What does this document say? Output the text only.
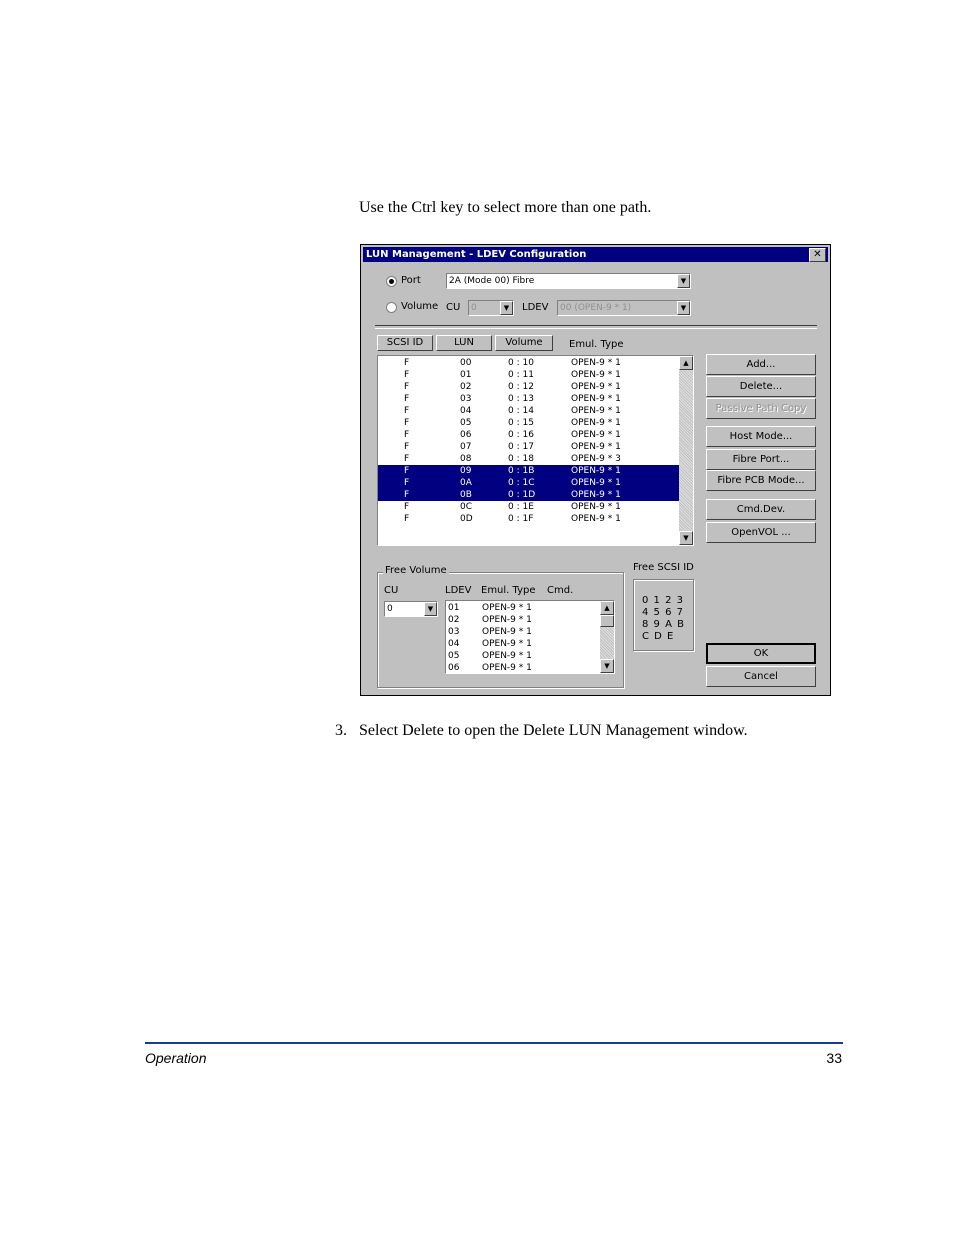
Use the Ctrl key to select more than one path.
LUN Management - LDEV Configuration	✕
Port	2A (Mode 00) Fibre	▼
Volume CU	0	▼	LDEV	00 (OPEN-9 * 1)	▼
SCSI ID	LUN	Volume	Emul. Type
F	0D	0 : 1F	OPEN-9 * 1
F	0C	0 : 1E	OPEN-9 * 1
F	0B	0 : 1D	OPEN-9 * 1
F	0A	0 : 1C	OPEN-9 * 1
F	09	0 : 1B	OPEN-9 * 1
F	08	0 : 18	OPEN-9 * 3
F	07	0 : 17	OPEN-9 * 1
F	06	0 : 16	OPEN-9 * 1
F	05	0 : 15	OPEN-9 * 1
F	04	0 : 14	OPEN-9 * 1
F	03	0 : 13	OPEN-9 * 1
F	02	0 : 12	OPEN-9 * 1
F	01	0 : 11	OPEN-9 * 1
F	00	0 : 10	OPEN-9 * 1	▲
▼
Add...
Delete...
Passive Path Copy
Host Mode...
Fibre Port...
Fibre PCB Mode...
Cmd.Dev.
OpenVOL ...
Free Volume
CU	LDEV Emul. Type Cmd.
0	▼
06	OPEN-9 * 1
05	OPEN-9 * 1
04	OPEN-9 * 1
03	OPEN-9 * 1
02	OPEN-9 * 1
01	OPEN-9 * 1	▲
▼
Free SCSI ID
0 1 2 3
4 5 6 7
8 9 A B
C D E
OK
Cancel
3. Select Delete to open the Delete LUN Management window.
Operation	33
